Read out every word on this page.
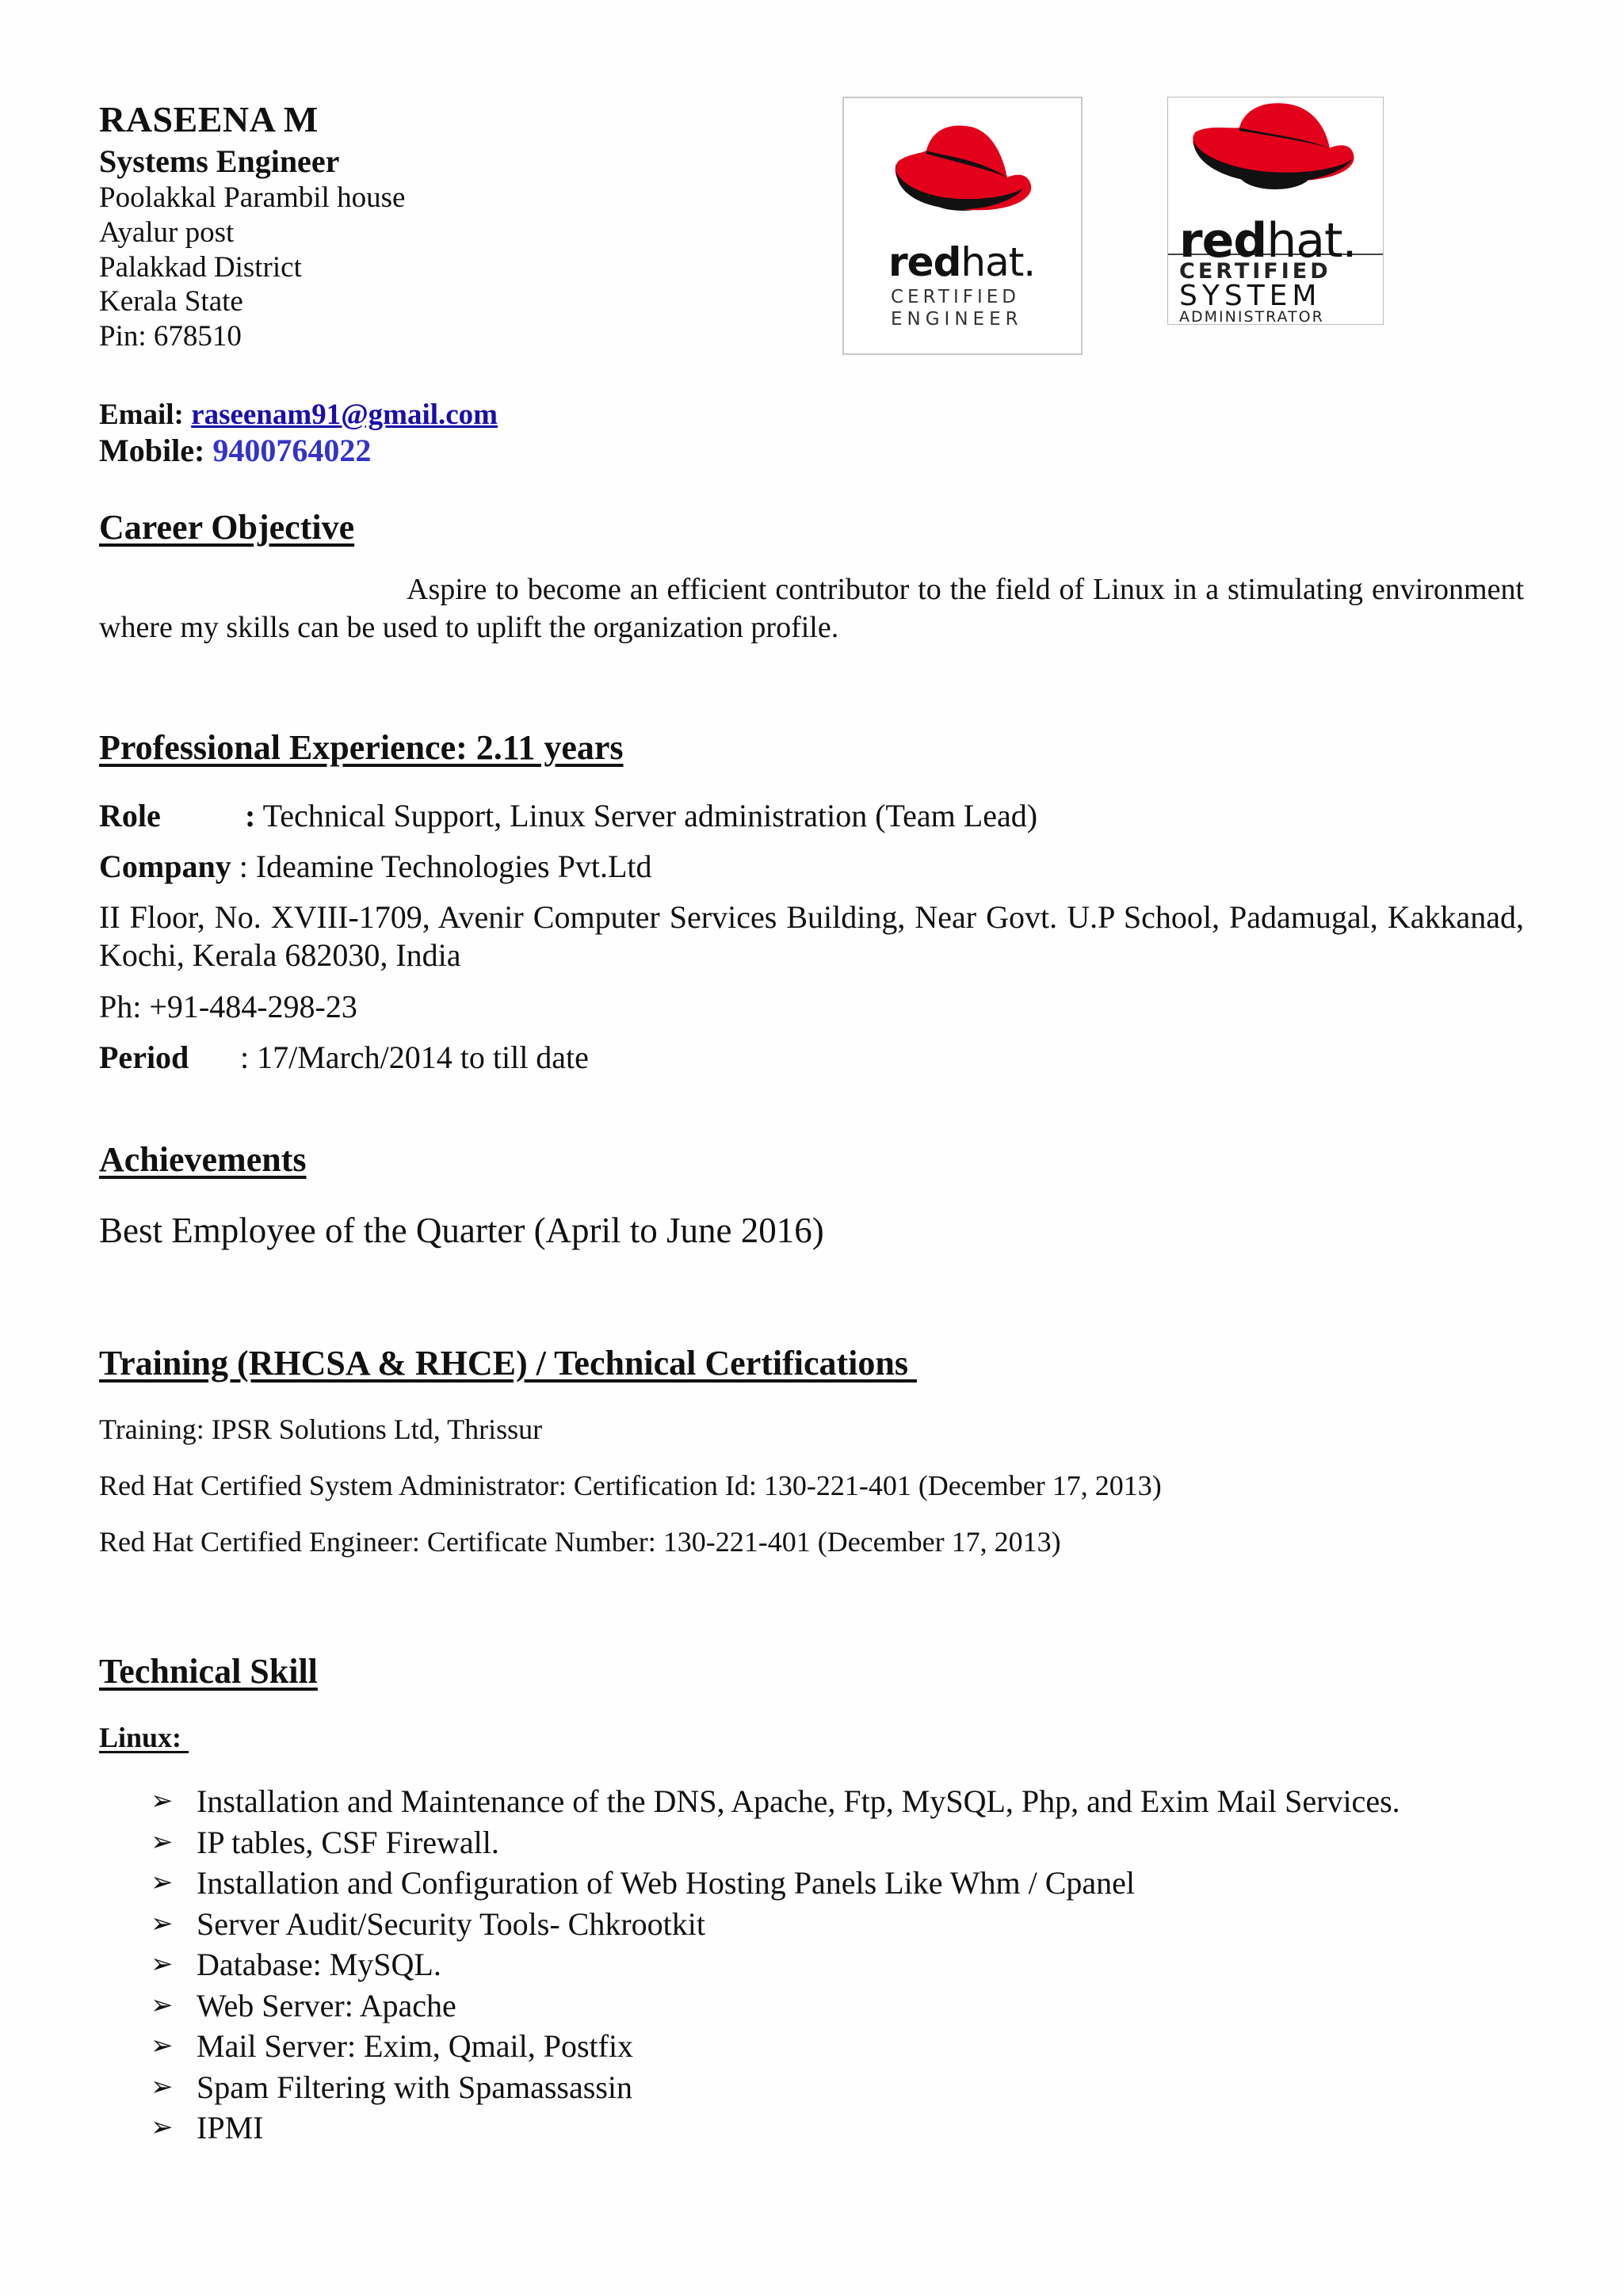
RASEENA M
Systems Engineer
Poolakkal Parambil house
Ayalur post
Palakkad District
Kerala State
Pin: 678510
Email: raseenam91@gmail.com
Mobile: 9400764022
redhat.
CERTIFIED
ENGINEER
redhat.
CERTIFIED
SYSTEM
ADMINISTRATOR
Career Objective
Aspire to become an efficient contributor to the field of Linux in a stimulating environment where my skills can be used to uplift the organization profile.
Professional Experience: 2.11 years
Role	: Technical Support, Linux Server administration (Team Lead)
Company : Ideamine Technologies Pvt.Ltd
II Floor, No. XVIII-1709, Avenir Computer Services Building, Near Govt. U.P School, Padamugal, Kakkanad, Kochi, Kerala 682030, India
Ph: +91-484-298-23
Period : 17/March/2014 to till date
Achievements
Best Employee of the Quarter (April to June 2016)
Training (RHCSA & RHCE) / Technical Certifications
Training: IPSR Solutions Ltd, Thrissur
Red Hat Certified System Administrator: Certification Id: 130-221-401 (December 17, 2013)
Red Hat Certified Engineer: Certificate Number: 130-221-401 (December 17, 2013)
Technical Skill
Linux:
➢ Installation and Maintenance of the DNS, Apache, Ftp, MySQL, Php, and Exim Mail Services.
➢ IP tables, CSF Firewall.
➢ Installation and Configuration of Web Hosting Panels Like Whm / Cpanel
➢ Server Audit/Security Tools- Chkrootkit
➢ Database: MySQL.
➢ Web Server: Apache
➢ Mail Server: Exim, Qmail, Postfix
➢ Spam Filtering with Spamassassin
➢ IPMI
